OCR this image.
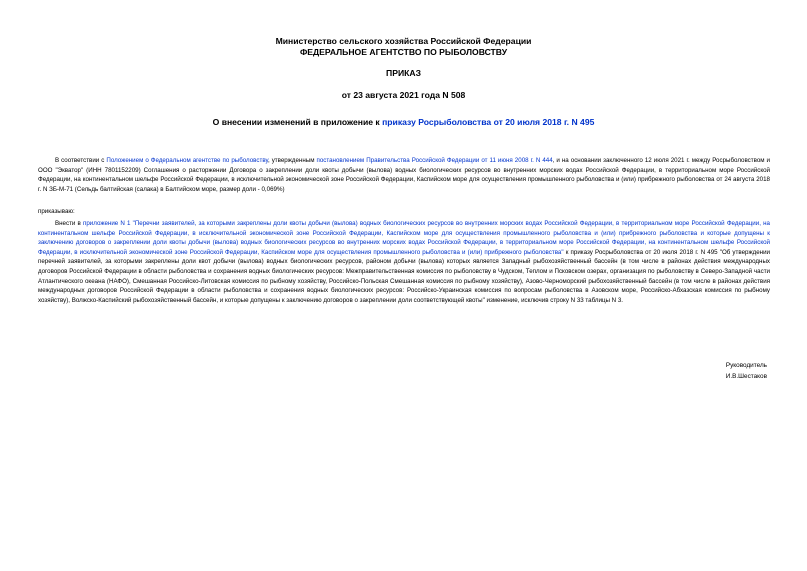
Министерство сельского хозяйства Российской Федерации
ФЕДЕРАЛЬНОЕ АГЕНТСТВО ПО РЫБОЛОВСТВУ
ПРИКАЗ
от 23 августа 2021 года N 508
О внесении изменений в приложение к приказу Росрыболовства от 20 июля 2018 г. N 495
В соответствии с Положением о Федеральном агентстве по рыболовству, утвержденным постановлением Правительства Российской Федерации от 11 июня 2008 г. N 444, и на основании заключенного 12 июля 2021 г. между Росрыболовством и ООО "Экватор" (ИНН 7801152209) Соглашения о расторжении Договора о закреплении доли квоты добычи (вылова) водных биологических ресурсов во внутренних морских водах Российской Федерации, в территориальном море Российской Федерации, на континентальном шельфе Российской Федерации, в исключительной экономической зоне Российской Федерации, Каспийском море для осуществления промышленного рыболовства и (или) прибрежного рыболовства от 24 августа 2018 г. N ЗБ-М-71 (Сельдь балтийская (салака) в Балтийском море, размер доли - 0,069%)
приказываю:
Внести в приложение N 1 "Перечни заявителей, за которыми закреплены доли квоты добычи (вылова) водных биологических ресурсов во внутренних морских водах Российской Федерации, в территориальном море Российской Федерации, на континентальном шельфе Российской Федерации, в исключительной экономической зоне Российской Федерации, Каспийском море для осуществления промышленного рыболовства и (или) прибрежного рыболовства и которые допущены к заключению договоров о закреплении доли квоты добычи (вылова) водных биологических ресурсов во внутренних морских водах Российской Федерации, в территориальном море Российской Федерации, на континентальном шельфе Российской Федерации, в исключительной экономической зоне Российской Федерации, Каспийском море для осуществления промышленного рыболовства и (или) прибрежного рыболовства" к приказу Росрыболовства от 20 июля 2018 г. N 495 "Об утверждении перечней заявителей, за которыми закреплены доли квот добычи (вылова) водных биологических ресурсов, районом добычи (вылова) которых является Западный рыбохозяйственный бассейн (в том числе в районах действия международных договоров Российской Федерации в области рыболовства и сохранения водных биологических ресурсов: Межправительственная комиссия по рыболовству в Чудском, Теплом и Псковском озерах, организация по рыболовству в Северо-Западной части Атлантического океана (НАФО), Смешанная Российско-Литовская комиссия по рыбному хозяйству, Российско-Польская Смешанная комиссия по рыбному хозяйству), Азово-Черноморский рыбохозяйственный бассейн (в том числе в районах действия международных договоров Российской Федерации в области рыболовства и сохранения водных биологических ресурсов: Российско-Украинская комиссия по вопросам рыболовства в Азовском море, Российско-Абхазская комиссия по рыбному хозяйству), Волжско-Каспийский рыбохозяйственный бассейн, и которые допущены к заключению договоров о закреплении доли соответствующей квоты" изменение, исключив строку N 33 таблицы N 3.
Руководитель
И.В.Шестаков
